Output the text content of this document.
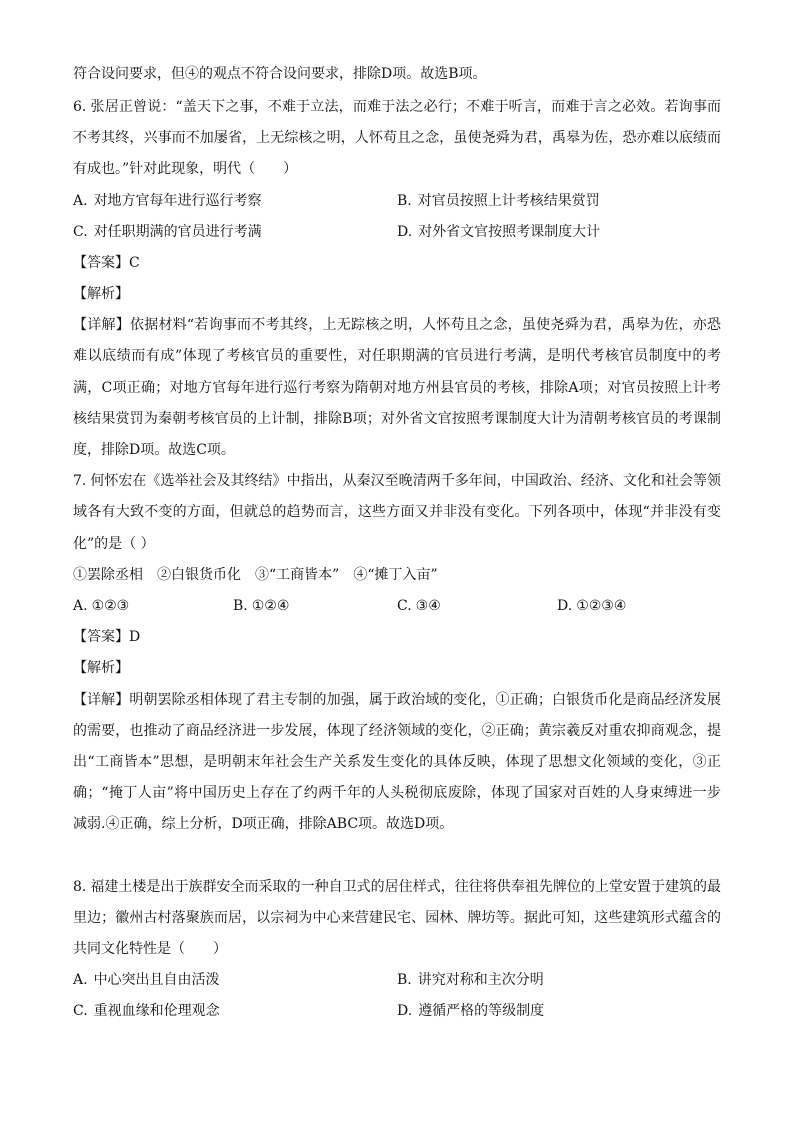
符合设问要求，但④的观点不符合设问要求，排除D项。故选B项。
6. 张居正曾说：“盖天下之事，不难于立法，而难于法之必行；不难于听言，而难于言之必效。若询事而
不考其终，兴事而不加屡省，上无综核之明，人怀苟且之念，虽使尧舜为君，禹皋为佐，恐亦难以底绩而
有成也。”针对此现象，明代（　　）
A. 对地方官每年进行巡行考察	B. 对官员按照上计考核结果赏罚
C. 对任职期满的官员进行考满	D. 对外省文官按照考课制度大计
【答案】C
【解析】
【详解】依据材料“若询事而不考其终，上无踪核之明，人怀苟且之念，虽使尧舜为君，禹皋为佐，亦恐
难以底绩而有成”体现了考核官员的重要性，对任职期满的官员进行考满，是明代考核官员制度中的考
满，C项正确；对地方官每年进行巡行考察为隋朝对地方州县官员的考核，排除A项；对官员按照上计考
核结果赏罚为秦朝考核官员的上计制，排除B项；对外省文官按照考课制度大计为清朝考核官员的考课制
度，排除D项。故选C项。
7. 何怀宏在《选举社会及其终结》中指出，从秦汉至晚清两千多年间，中国政治、经济、文化和社会等领
域各有大致不变的方面，但就总的趋势而言，这些方面又并非没有变化。下列各项中，体现“并非没有变
化”的是（ ）
①罢除丞相 ②白银货币化 ③“工商皆本” ④“摊丁入亩”
A. ①②③	B. ①②④	C. ③④	D. ①②③④
【答案】D
【解析】
【详解】明朝罢除丞相体现了君主专制的加强，属于政治域的变化，①正确；白银货币化是商品经济发展
的需要，也推动了商品经济进一步发展，体现了经济领域的变化，②正确；黄宗羲反对重农抑商观念，提
出“工商皆本”思想，是明朝末年社会生产关系发生变化的具体反映，体现了思想文化领域的变化，③正
确；“掩丁人亩”将中国历史上存在了约两千年的人头税彻底废除，体现了国家对百姓的人身束缚进一步
减弱.④正确，综上分析，D项正确，排除ABC项。故选D项。
8. 福建土楼是出于族群安全而采取的一种自卫式的居住样式，往往将供奉祖先牌位的上堂安置于建筑的最
里边；徽州古村落聚族而居，以宗祠为中心来营建民宅、园林、牌坊等。据此可知，这些建筑形式蕴含的
共同文化特性是（　　）
A. 中心突出且自由活泼	B. 讲究对称和主次分明
C. 重视血缘和伦理观念	D. 遵循严格的等级制度
